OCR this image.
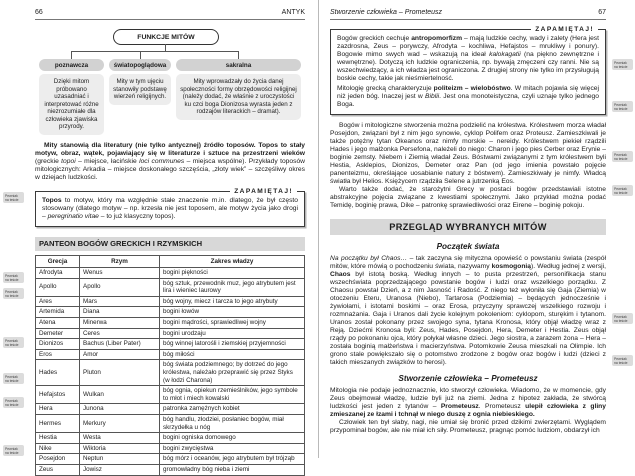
Pewniak
na teście
Pewniak
na teście
Pewniak
na teście
Pewniak
na teście
Pewniak
na teście
Pewniak
na teście
Pewniak
na teście
Pewniak
na teście
Pewniak
na teście
Pewniak
na teście
Pewniak
na teście
Pewniak
na teście
Pewniak
na teście
66	ANTYK
FUNKCJE MITÓW
poznawcza
Dzięki mitom próbowano uzasadniać i interpretować różne niezrozumiałe dla człowieka zjawiska przyrody.
światopoglądowa
Mity w tym ujęciu stanowiły podstawę wierzeń religijnych.
sakralna
Mity wprowadzały do życia danej społeczności formy obrzędowości religijnej (należy dodać, że właśnie z uroczystości ku czci boga Dionizosa wyrasta jeden z rodzajów literackich – dramat).

Mity stanowią dla literatury (nie tylko antycznej) źródło toposów. Topos to stały motyw, obraz, wątek, pojawiający się w literaturze i sztuce na przestrzeni wieków (greckie topoi – miejsce, łacińskie loci communes – miejsca wspólne). Przykłady toposów mitologicznych: Arkadia – miejsce doskonałego szczęścia, „złoty wiek” – szczęśliwy okres w dziejach ludzkości.

ZAPAMIĘTAJ!

Topos to motyw, który ma względnie stałe znaczenie m.in. dlatego, że był często stosowany (dlatego motyw – np. krzesła nie jest toposem, ale motyw życia jako drogi – peregrinatio vitae – to już klasyczny topos).

PANTEON BOGÓW GRECKICH I RZYMSKICH
Grecja	Rzym	Zakres władzy
Afrodyta	Wenus	bogini piękności
Apollo	Apollo	bóg sztuk, przewodnik muz, jego atrybutem jest lira i wieniec laurowy
Ares	Mars	bóg wojny, miecz i tarcza to jego atrybuty
Artemida	Diana	bogini łowów
Atena	Minerwa	bogini mądrości, sprawiedliwej wojny
Demeter	Ceres	bogini urodzaju
Dionizos	Bachus (Liber Pater)	bóg winnej latorośli i ziemskiej przyjemności
Eros	Amor	bóg miłości
Hades	Pluton	bóg świata podziemnego; by dotrzeć do jego królestwa, należało przeprawić się przez Styks (w łodzi Charona)
Hefajstos	Wulkan	bóg ognia, opiekun rzemieślników, jego symbole to młot i miech kowalski
Hera	Junona	patronka zamężnych kobiet
Hermes	Merkury	bóg handlu, złodziei, posłaniec bogów, miał skrzydełka u nóg
Hestia	Westa	bogini ogniska domowego
Nike	Wiktoria	bogini zwycięstwa
Posejdon	Neptun	bóg mórz i oceanów, jego atrybutem był trójząb
Zeus	Jowisz	gromowładny bóg nieba i ziemi
Stworzenie człowieka – Prometeusz	67
ZAPAMIĘTAJ!

Bogów greckich cechuje antropomorfizm – mają ludzkie cechy, wady i zalety (Hera jest zazdrosna, Zeus – porywczy, Afrodyta – kochliwa, Hefajstos – mrukliwy i ponury). Bogowie mimo swych wad – wskazują na ideał kalokagatii (na piękno zewnętrzne i wewnętrzne). Dotyczą ich ludzkie ograniczenia, np. bywają zmęczeni czy ranni. Nie są wszechwiedzący, a ich władza jest ograniczona. Z drugiej strony nie tylko im przysługują boskie cechy, takie jak nieśmiertelność.

Mitologię grecką charakteryzuje politeizm – wielobóstwo. W mitach pojawia się więcej niż jeden bóg. Inaczej jest w Biblii. Jest ona monoteistyczna, czyli uznaje tylko jednego Boga.

Bogów i mitologiczne stworzenia można podzielić na królestwa. Królestwem morza władał Posejdon, związani był z nim jego synowie, cyklop Polifem oraz Proteusz. Zamieszkiwali je także potężny tytan Okeanos oraz nimfy morskie – nereidy. Królestwem piekieł rządzili Hades i jego małżonka Persefona, należeli do niego: Charon i jego pies Cerber oraz Erynie – boginie zemsty. Niebem i Ziemią władał Zeus. Bóstwami związanymi z tym królestwem byli Hestia, Asklepios, Dionizos, Demeter oraz Pan (od jego imienia powstało pojęcie panenteizmu, określające uosabianie natury z bóstwem). Zamieszkiwały je nimfy. Władcą światła był Helios. Księżycem rządziła Selene a jutrzenką Eos.

Warto także dodać, że starożytni Grecy w postaci bogów przedstawiali istotne abstrakcyjne pojęcia związane z kwestiami społecznymi. Jako przykład można podać Temidę, boginię prawa, Dike – patronkę sprawiedliwości oraz Eirene – boginię pokoju.

PRZEGLĄD WYBRANYCH MITÓW
Początek świata

Na początku był Chaos… – tak zaczyna się mityczna opowieść o powstaniu świata (zespół mitów, które mówią o pochodzeniu świata, nazywamy kosmogonią). Według jednej z wersji, Chaos był istotą boską. Według innych – to pusta przestrzeń, personifikacja stanu wszechświata poprzedzającego powstanie bogów i ludzi oraz wszelkiego porządku. Z Chaosu powstał Dzień, a z nim Jasność i Radość. Z niego też wyłoniła się Gaja (Ziemia) w otoczeniu Eteru, Uranosa (Niebo), Tartarosa (Podziemia) – będących jednocześnie i żywiołami, i istotami boskimi – oraz Erosa, przyczyny sprawczej wszelkiego rozwoju i rozmnażania. Gaja i Uranos dali życie kolejnym pokoleniom: cyklopom, sturękim i tytanom. Uranos został pokonany przez swojego syna, tytana Kronosa, który objął władzę wraz z Reją. Dziećmi Kronosa byli: Zeus, Hades, Posejdon, Hera, Demeter i Hestia. Zeus objął rządy po pokonaniu ojca, który połykał własne dzieci. Jego siostra, a zarazem żona – Hera – została boginią małżeństwa i macierzyństwa. Potomkowie Zeusa mieszkali na Olimpie. Ich grono stale powiększało się o potomstwo zrodzone z bogów oraz bogów i ludzi (dzieci z takich mieszanych związków to herosi).

Stworzenie człowieka – Prometeusz

Mitologia nie podaje jednoznacznie, kto stworzył człowieka. Wiadomo, że w momencie, gdy Zeus obejmował władzę, ludzie byli już na ziemi. Jedna z hipotez zakłada, że stwórcą ludzkości jest jeden z tytanów – Prometeusz. Prometeusz ulepił człowieka z gliny zmieszanej ze łzami i tchnął w niego duszę z ognia niebieskiego.

Człowiek ten był słaby, nagi, nie umiał się bronić przed dzikimi zwierzętami. Wyglądem przypominał bogów, ale nie miał ich siły. Prometeusz, pragnąc pomóc ludziom, obdarzył ich
